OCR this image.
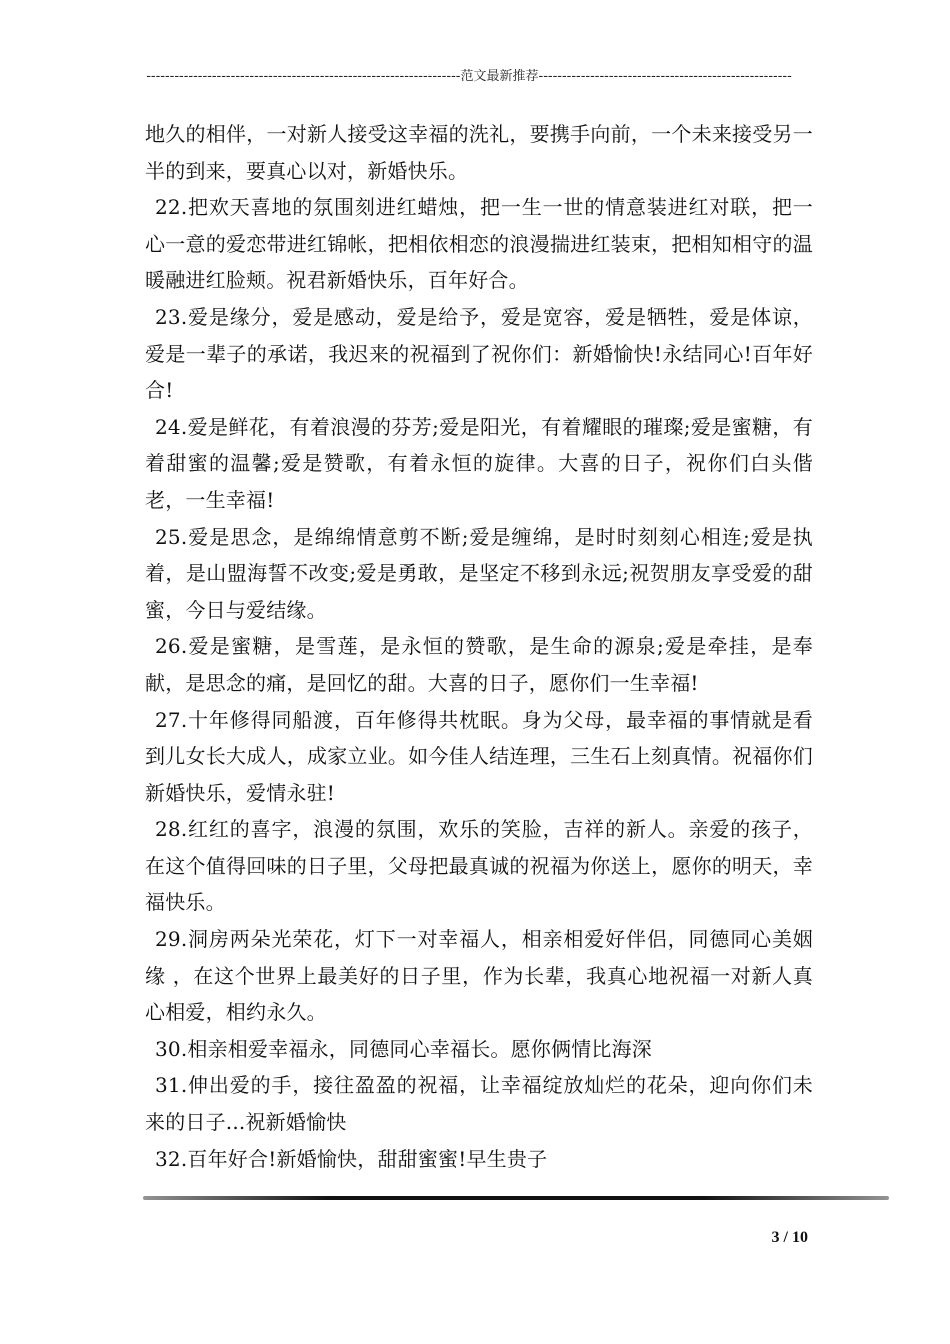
-------------------------------------------------------------------范文最新推荐------------------------------------------------------

地久的相伴，一对新人接受这幸福的洗礼，要携手向前，一个未来接受另一半的到来，要真心以对，新婚快乐。

22.把欢天喜地的氛围刻进红蜡烛，把一生一世的情意装进红对联，把一心一意的爱恋带进红锦帐，把相依相恋的浪漫揣进红装束，把相知相守的温暖融进红脸颊。祝君新婚快乐，百年好合。

23.爱是缘分，爱是感动，爱是给予，爱是宽容，爱是牺牲，爱是体谅，爱是一辈子的承诺，我迟来的祝福到了祝你们：新婚愉快!永结同心!百年好合!

24.爱是鲜花，有着浪漫的芬芳;爱是阳光，有着耀眼的璀璨;爱是蜜糖，有着甜蜜的温馨;爱是赞歌，有着永恒的旋律。大喜的日子，祝你们白头偕老，一生幸福!

25.爱是思念，是绵绵情意剪不断;爱是缠绵，是时时刻刻心相连;爱是执着，是山盟海誓不改变;爱是勇敢，是坚定不移到永远;祝贺朋友享受爱的甜蜜，今日与爱结缘。

26.爱是蜜糖，是雪莲，是永恒的赞歌，是生命的源泉;爱是牵挂，是奉献，是思念的痛，是回忆的甜。大喜的日子，愿你们一生幸福!

27.十年修得同船渡，百年修得共枕眠。身为父母，最幸福的事情就是看到儿女长大成人，成家立业。如今佳人结连理，三生石上刻真情。祝福你们新婚快乐，爱情永驻!

28.红红的喜字，浪漫的氛围，欢乐的笑脸，吉祥的新人。亲爱的孩子，在这个值得回味的日子里，父母把最真诚的祝福为你送上，愿你的明天，幸福快乐。

29.洞房两朵光荣花，灯下一对幸福人，相亲相爱好伴侣，同德同心美姻缘 ，在这个世界上最美好的日子里，作为长辈，我真心地祝福一对新人真心相爱，相约永久。

30.相亲相爱幸福永，同德同心幸福长。愿你俩情比海深

31.伸出爱的手，接往盈盈的祝福，让幸福绽放灿烂的花朵，迎向你们未来的日子...祝新婚愉快

32.百年好合!新婚愉快，甜甜蜜蜜!早生贵子

3 / 10
